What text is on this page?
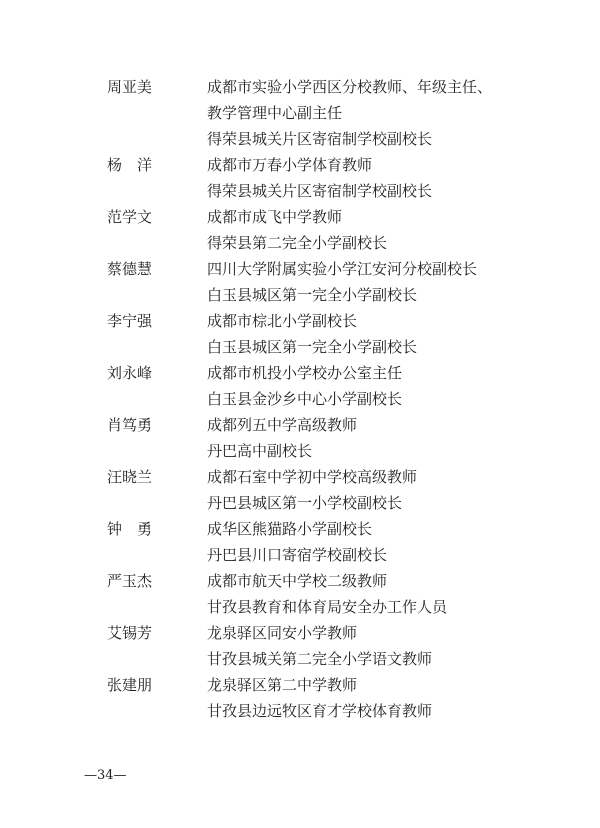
周亚美	成都市实验小学西区分校教师、年级主任、
教学管理中心副主任
得荣县城关片区寄宿制学校副校长
杨　洋	成都市万春小学体育教师
得荣县城关片区寄宿制学校副校长
范学文	成都市成飞中学教师
得荣县第二完全小学副校长
蔡德慧	四川大学附属实验小学江安河分校副校长
白玉县城区第一完全小学副校长
李宁强	成都市棕北小学副校长
白玉县城区第一完全小学副校长
刘永峰	成都市机投小学校办公室主任
白玉县金沙乡中心小学副校长
肖笃勇	成都列五中学高级教师
丹巴高中副校长
汪晓兰	成都石室中学初中学校高级教师
丹巴县城区第一小学校副校长
钟　勇	成华区熊猫路小学副校长
丹巴县川口寄宿学校副校长
严玉杰	成都市航天中学校二级教师
甘孜县教育和体育局安全办工作人员
艾锡芳	龙泉驿区同安小学教师
甘孜县城关第二完全小学语文教师
张建朋	龙泉驿区第二中学教师
甘孜县边远牧区育才学校体育教师
—34—
